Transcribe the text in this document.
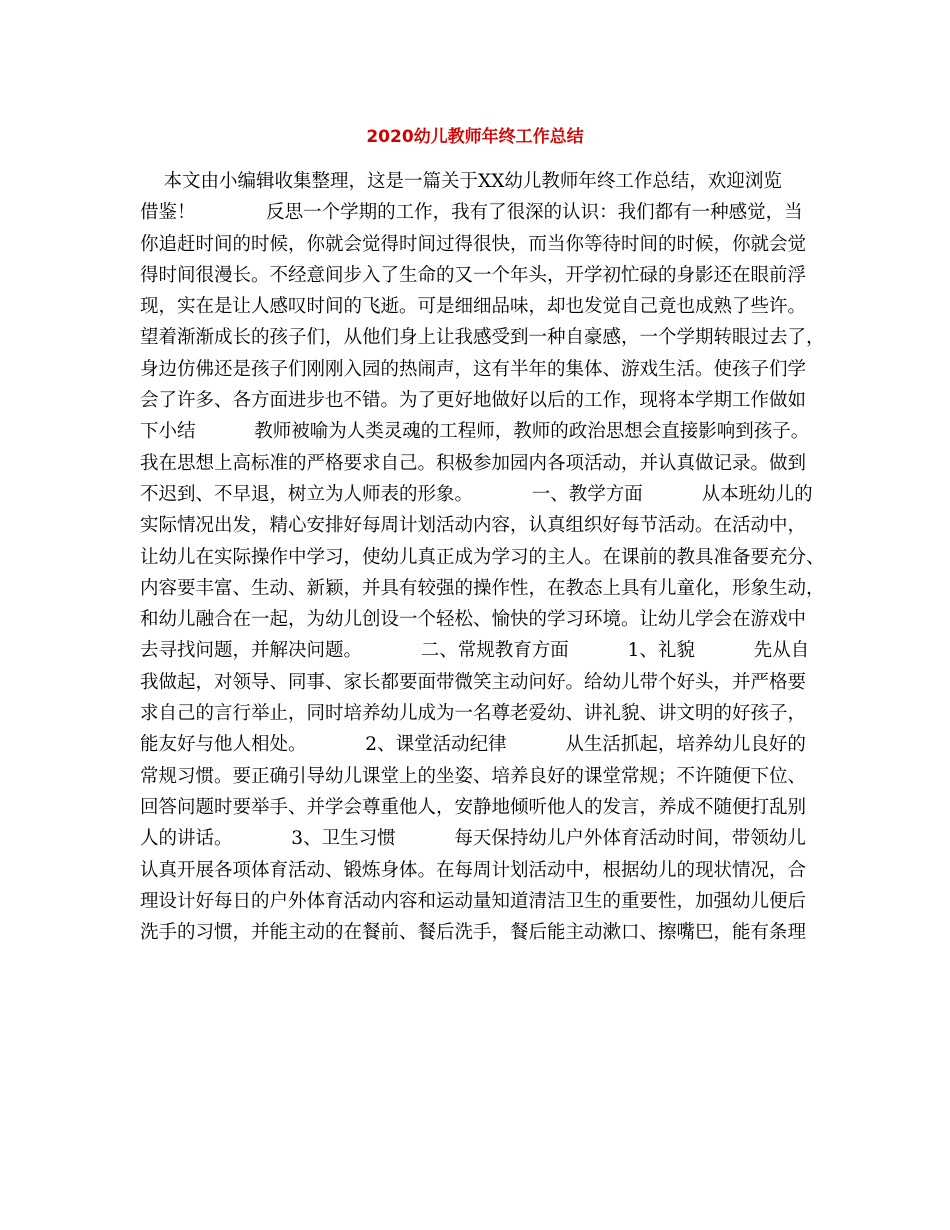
2020幼儿教师年终工作总结
本文由小编辑收集整理，这是一篇关于XX幼儿教师年终工作总结，欢迎浏览
借鉴！            反思一个学期的工作，我有了很深的认识：我们都有一种感觉，当
你追赶时间的时候，你就会觉得时间过得很快，而当你等待时间的时候，你就会觉
得时间很漫长。不经意间步入了生命的又一个年头，开学初忙碌的身影还在眼前浮
现，实在是让人感叹时间的飞逝。可是细细品味，却也发觉自己竟也成熟了些许。
望着渐渐成长的孩子们，从他们身上让我感受到一种自豪感，一个学期转眼过去了，
身边仿佛还是孩子们刚刚入园的热闹声，这有半年的集体、游戏生活。使孩子们学
会了许多、各方面进步也不错。为了更好地做好以后的工作，现将本学期工作做如
下小结          教师被喻为人类灵魂的工程师，教师的政治思想会直接影响到孩子。
我在思想上高标准的严格要求自己。积极参加园内各项活动，并认真做记录。做到
不迟到、不早退，树立为人师表的形象。          一、教学方面          从本班幼儿的
实际情况出发，精心安排好每周计划活动内容，认真组织好每节活动。在活动中，
让幼儿在实际操作中学习，使幼儿真正成为学习的主人。在课前的教具准备要充分、
内容要丰富、生动、新颖，并具有较强的操作性，在教态上具有儿童化，形象生动，
和幼儿融合在一起，为幼儿创设一个轻松、愉快的学习环境。让幼儿学会在游戏中
去寻找问题，并解决问题。          二、常规教育方面          1、礼貌          先从自
我做起，对领导、同事、家长都要面带微笑主动问好。给幼儿带个好头，并严格要
求自己的言行举止，同时培养幼儿成为一名尊老爱幼、讲礼貌、讲文明的好孩子，
能友好与他人相处。          2、课堂活动纪律          从生活抓起，培养幼儿良好的
常规习惯。要正确引导幼儿课堂上的坐姿、培养良好的课堂常规；不许随便下位、
回答问题时要举手、并学会尊重他人，安静地倾听他人的发言，养成不随便打乱别
人的讲话。          3、卫生习惯          每天保持幼儿户外体育活动时间，带领幼儿
认真开展各项体育活动、锻炼身体。在每周计划活动中，根据幼儿的现状情况，合
理设计好每日的户外体育活动内容和运动量知道清洁卫生的重要性，加强幼儿便后
洗手的习惯，并能主动的在餐前、餐后洗手，餐后能主动漱口、擦嘴巴，能有条理
